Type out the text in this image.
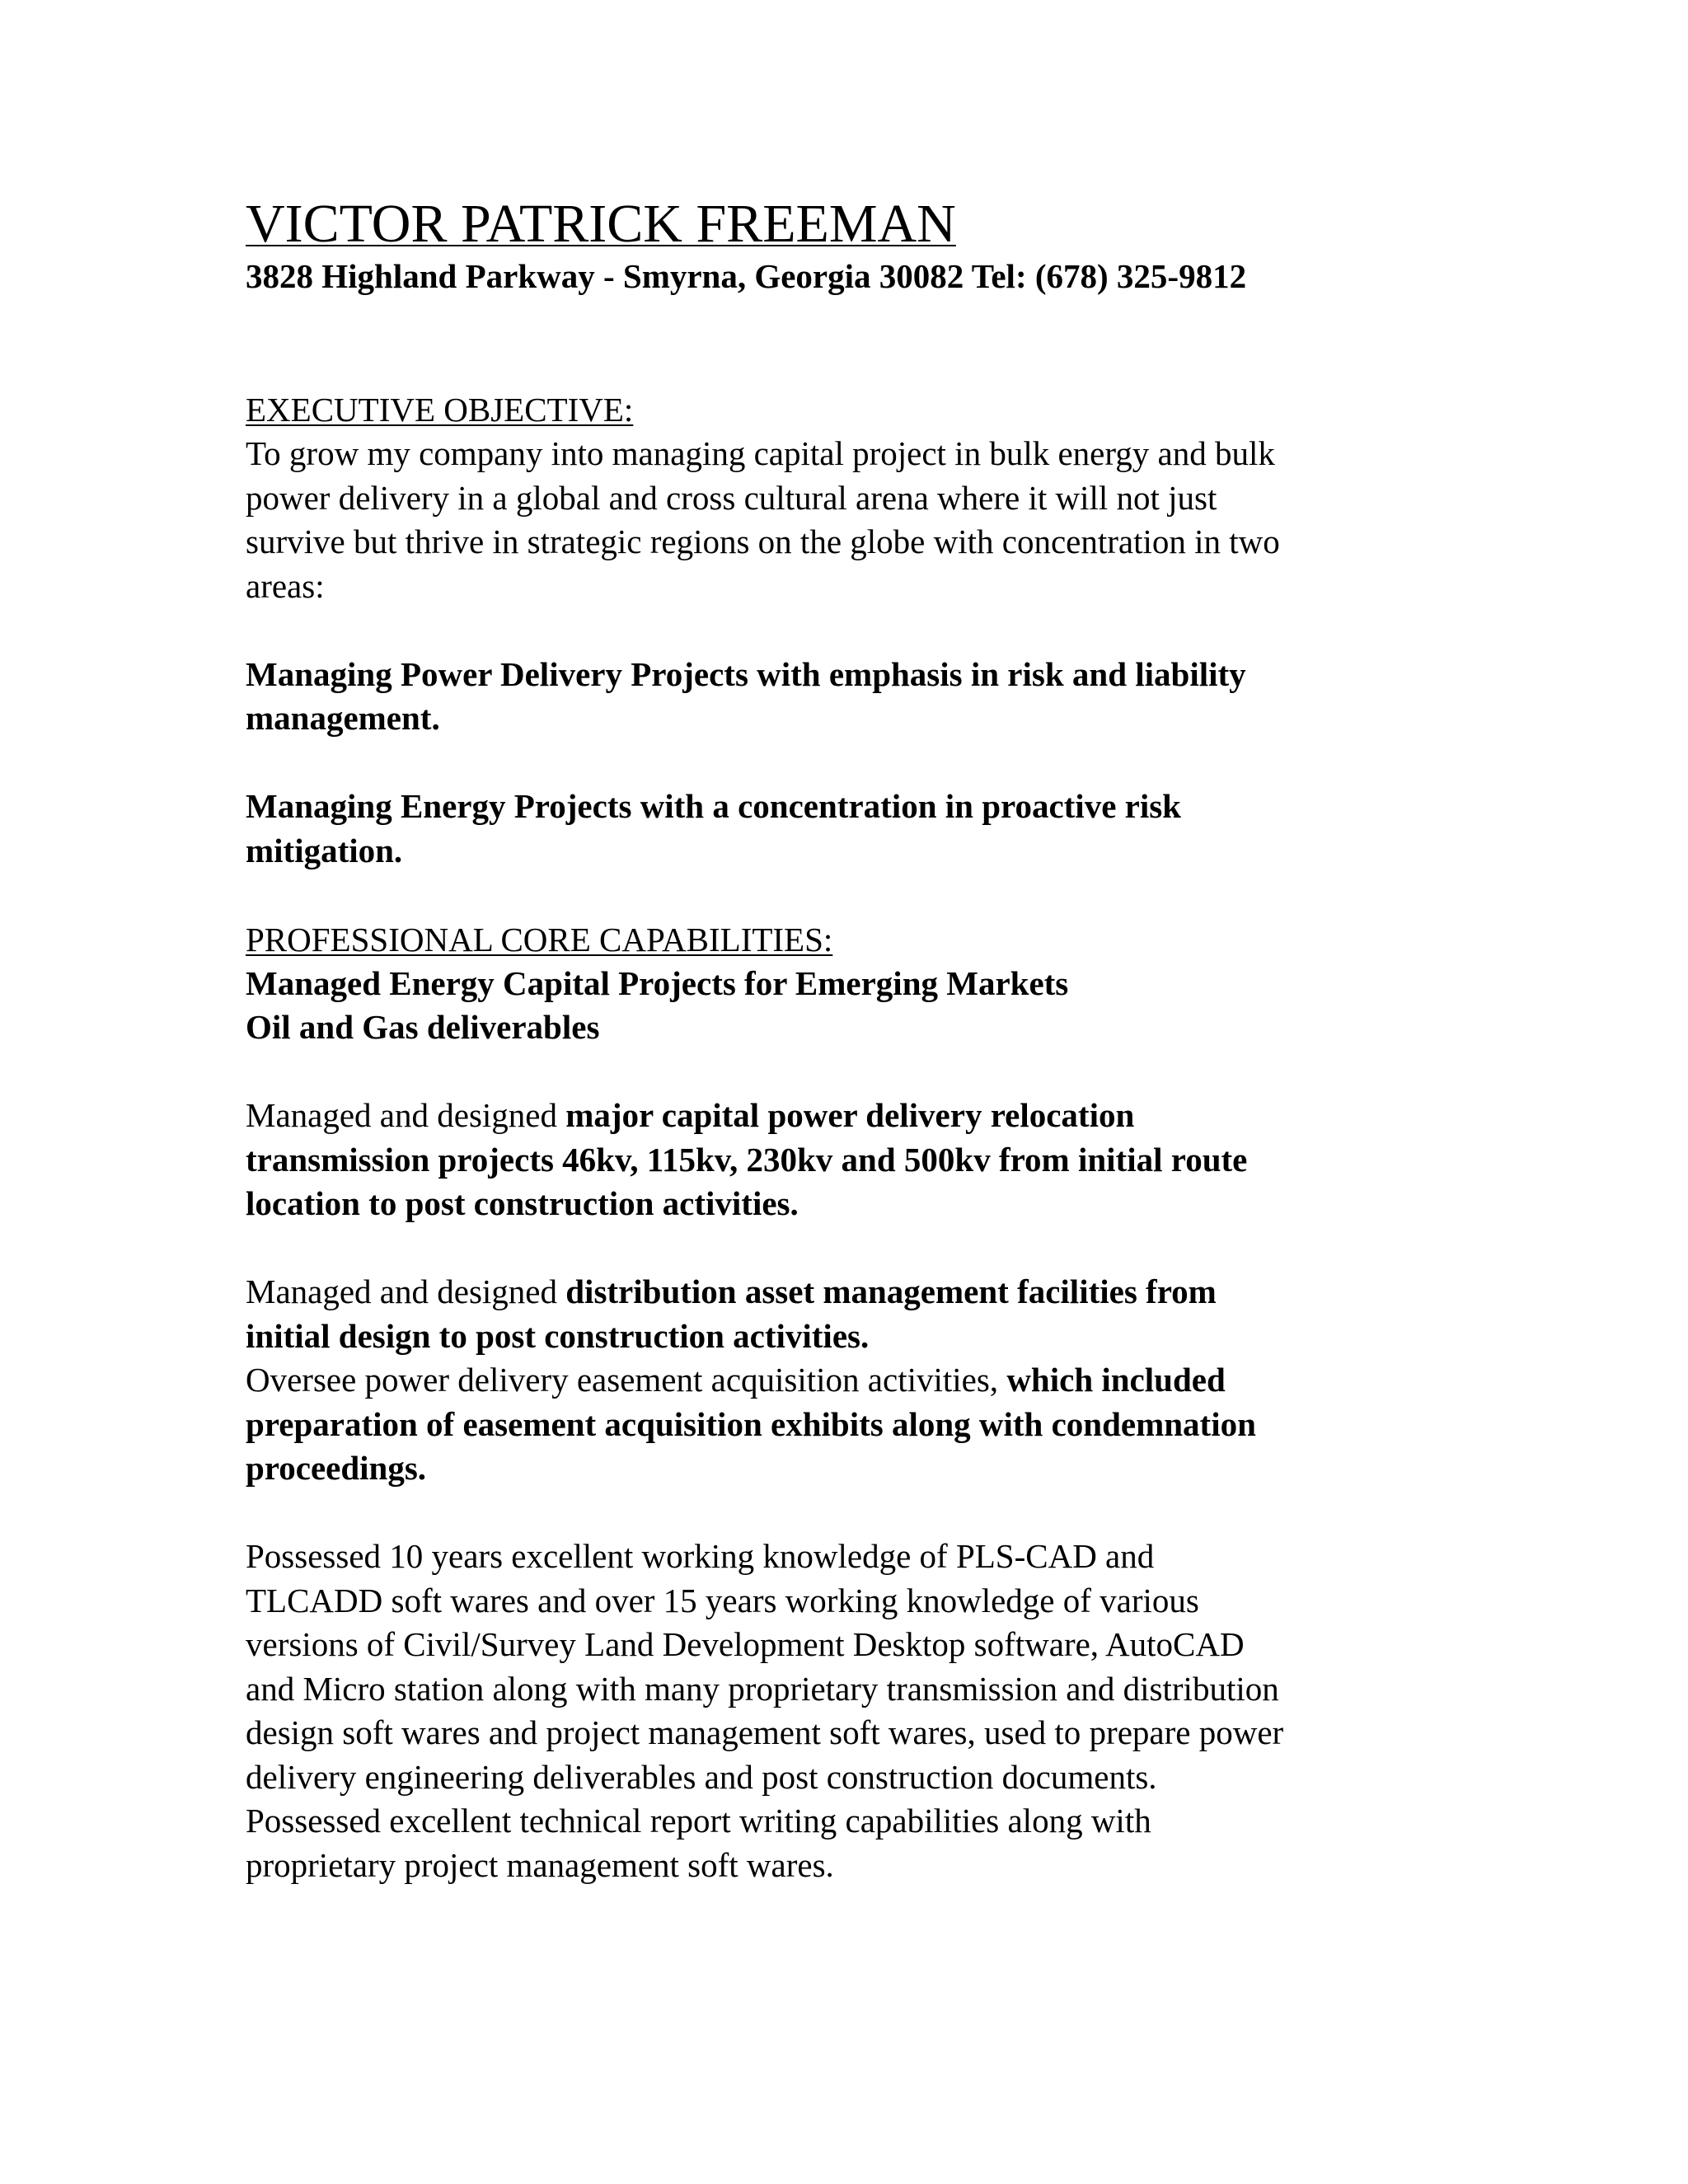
VICTOR PATRICK FREEMAN
3828 Highland Parkway - Smyrna, Georgia 30082 Tel: (678) 325-9812
EXECUTIVE OBJECTIVE:

To grow my company into managing capital project in bulk energy and bulk
power delivery in a global and cross cultural arena where it will not just
survive but thrive in strategic regions on the globe with concentration in two
areas:

Managing Power Delivery Projects with emphasis in risk and liability
management.

Managing Energy Projects with a concentration in proactive risk
mitigation.

PROFESSIONAL CORE CAPABILITIES:

Managed Energy Capital Projects for Emerging Markets
Oil and Gas deliverables

Managed and designed major capital power delivery relocation
transmission projects 46kv, 115kv, 230kv and 500kv from initial route
location to post construction activities.

Managed and designed distribution asset management facilities from
initial design to post construction activities.
Oversee power delivery easement acquisition activities, which included
preparation of easement acquisition exhibits along with condemnation
proceedings.

Possessed 10 years excellent working knowledge of PLS-CAD and
TLCADD soft wares and over 15 years working knowledge of various
versions of Civil/Survey Land Development Desktop software, AutoCAD
and Micro station along with many proprietary transmission and distribution
design soft wares and project management soft wares, used to prepare power
delivery engineering deliverables and post construction documents.
Possessed excellent technical report writing capabilities along with
proprietary project management soft wares.
